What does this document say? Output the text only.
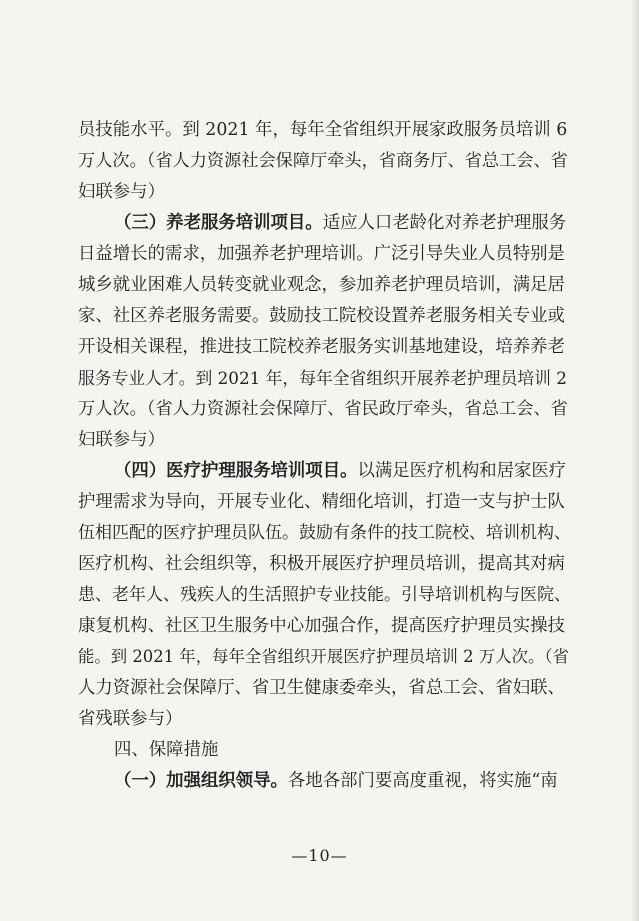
员技能水平。到 2021 年，每年全省组织开展家政服务员培训 6
万人次。（省人力资源社会保障厅牵头，省商务厅、省总工会、省
妇联参与）
（三）养老服务培训项目。适应人口老龄化对养老护理服务
日益增长的需求，加强养老护理培训。广泛引导失业人员特别是
城乡就业困难人员转变就业观念，参加养老护理员培训，满足居
家、社区养老服务需要。鼓励技工院校设置养老服务相关专业或
开设相关课程，推进技工院校养老服务实训基地建设，培养养老
服务专业人才。到 2021 年，每年全省组织开展养老护理员培训 2
万人次。（省人力资源社会保障厅、省民政厅牵头，省总工会、省
妇联参与）
（四）医疗护理服务培训项目。以满足医疗机构和居家医疗
护理需求为导向，开展专业化、精细化培训，打造一支与护士队
伍相匹配的医疗护理员队伍。鼓励有条件的技工院校、培训机构、
医疗机构、社会组织等，积极开展医疗护理员培训，提高其对病
患、老年人、残疾人的生活照护专业技能。引导培训机构与医院、
康复机构、社区卫生服务中心加强合作，提高医疗护理员实操技
能。到 2021 年，每年全省组织开展医疗护理员培训 2 万人次。（省
人力资源社会保障厅、省卫生健康委牵头，省总工会、省妇联、
省残联参与）
四、保障措施
（一）加强组织领导。各地各部门要高度重视，将实施“南
—10—
